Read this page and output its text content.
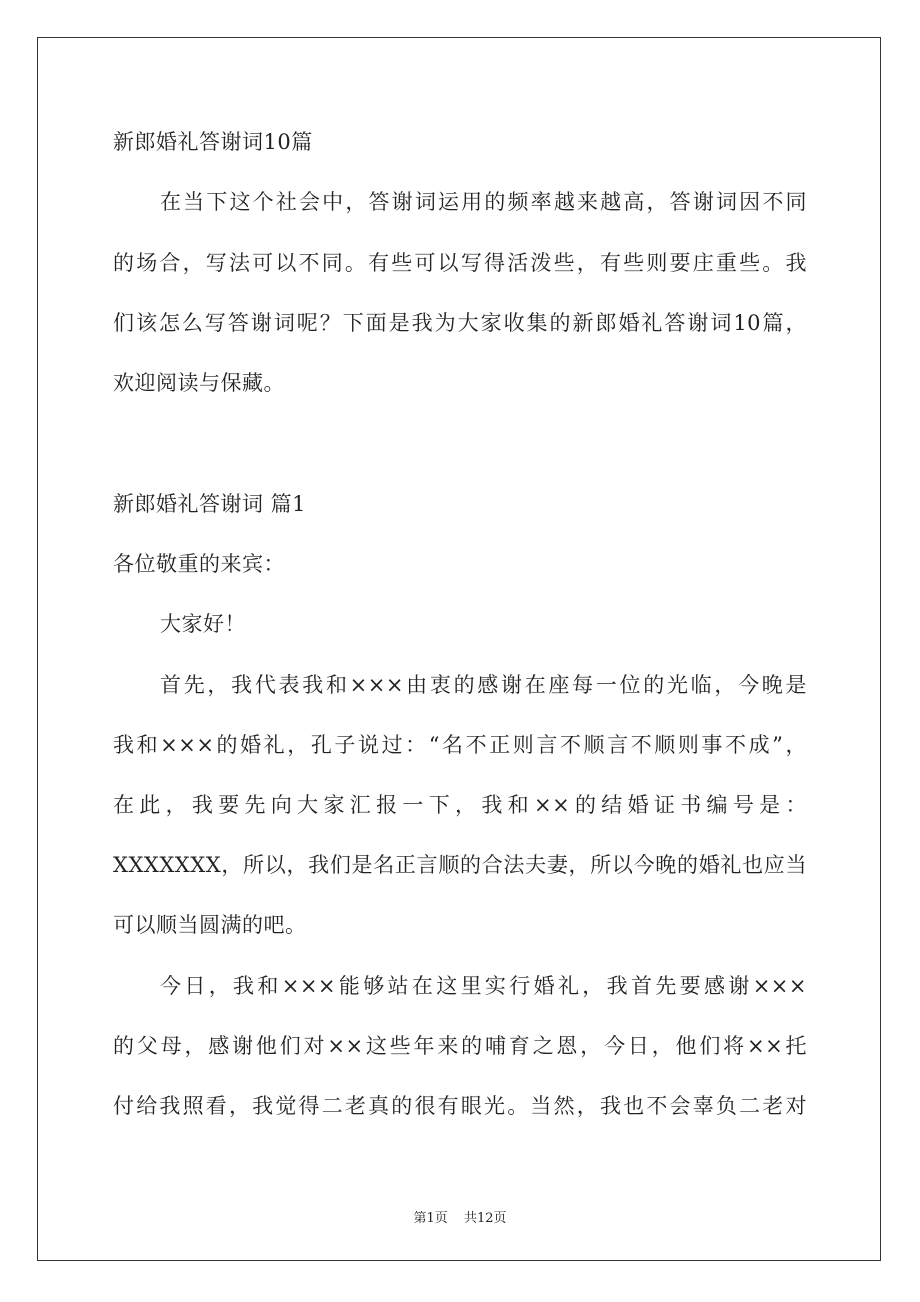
新郎婚礼答谢词10篇
在当下这个社会中，答谢词运用的频率越来越高，答谢词因不同
的场合，写法可以不同。有些可以写得活泼些，有些则要庄重些。我
们该怎么写答谢词呢？下面是我为大家收集的新郎婚礼答谢词10篇，
欢迎阅读与保藏。
新郎婚礼答谢词 篇1
各位敬重的来宾：
大家好！
首先，我代表我和×××由衷的感谢在座每一位的光临，今晚是
我和×××的婚礼，孔子说过：“名不正则言不顺言不顺则事不成”，
在此，我要先向大家汇报一下，我和××的结婚证书编号是：
XXXXXXX，所以，我们是名正言顺的合法夫妻，所以今晚的婚礼也应当
可以顺当圆满的吧。
今日，我和×××能够站在这里实行婚礼，我首先要感谢×××
的父母，感谢他们对××这些年来的哺育之恩，今日，他们将××托
付给我照看，我觉得二老真的很有眼光。当然，我也不会辜负二老对
第1页 共12页
